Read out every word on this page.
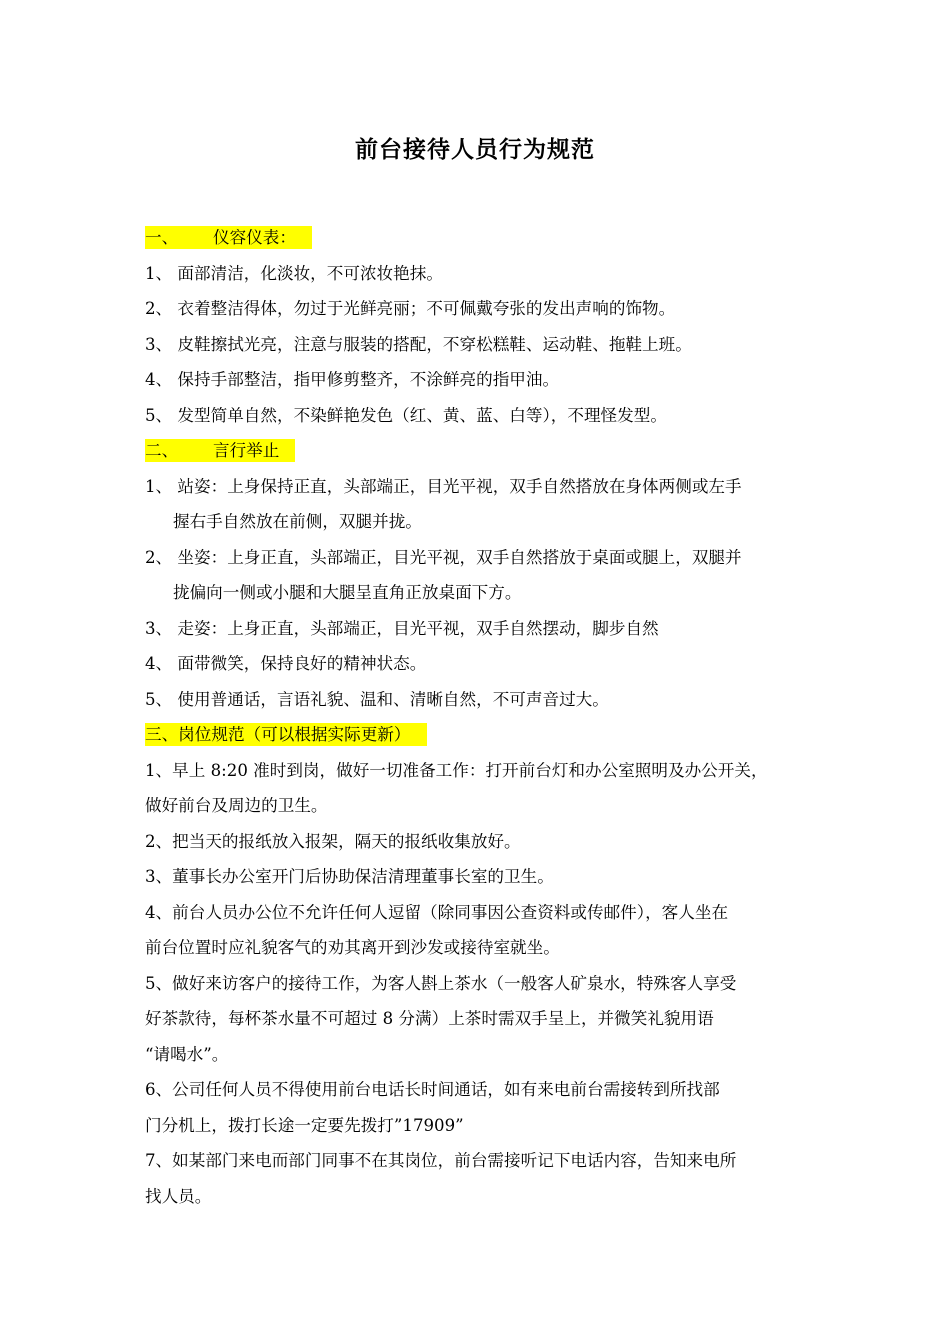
前台接待人员行为规范
一、 仪容仪表：
1、 面部清洁，化淡妆，不可浓妆艳抹。
2、 衣着整洁得体，勿过于光鲜亮丽；不可佩戴夸张的发出声响的饰物。
3、 皮鞋擦拭光亮，注意与服装的搭配，不穿松糕鞋、运动鞋、拖鞋上班。
4、 保持手部整洁，指甲修剪整齐，不涂鲜亮的指甲油。
5、 发型简单自然，不染鲜艳发色（红、黄、蓝、白等），不理怪发型。
二、 言行举止
1、 站姿：上身保持正直，头部端正，目光平视，双手自然搭放在身体两侧或左手
握右手自然放在前侧，双腿并拢。
2、 坐姿：上身正直，头部端正，目光平视，双手自然搭放于桌面或腿上，双腿并
拢偏向一侧或小腿和大腿呈直角正放桌面下方。
3、 走姿：上身正直，头部端正，目光平视，双手自然摆动，脚步自然
4、 面带微笑，保持良好的精神状态。
5、 使用普通话，言语礼貌、温和、清晰自然，不可声音过大。
三、岗位规范（可以根据实际更新）
1、早上 8:20 准时到岗，做好一切准备工作：打开前台灯和办公室照明及办公开关，
做好前台及周边的卫生。
2、把当天的报纸放入报架，隔天的报纸收集放好。
3、董事长办公室开门后协助保洁清理董事长室的卫生。
4、前台人员办公位不允许任何人逗留（除同事因公查资料或传邮件），客人坐在
前台位置时应礼貌客气的劝其离开到沙发或接待室就坐。
5、做好来访客户的接待工作，为客人斟上茶水（一般客人矿泉水，特殊客人享受
好茶款待，每杯茶水量不可超过 8 分满）上茶时需双手呈上，并微笑礼貌用语
“请喝水”。
6、公司任何人员不得使用前台电话长时间通话，如有来电前台需接转到所找部
门分机上，拨打长途一定要先拨打”17909”
7、如某部门来电而部门同事不在其岗位，前台需接听记下电话内容，告知来电所
找人员。
